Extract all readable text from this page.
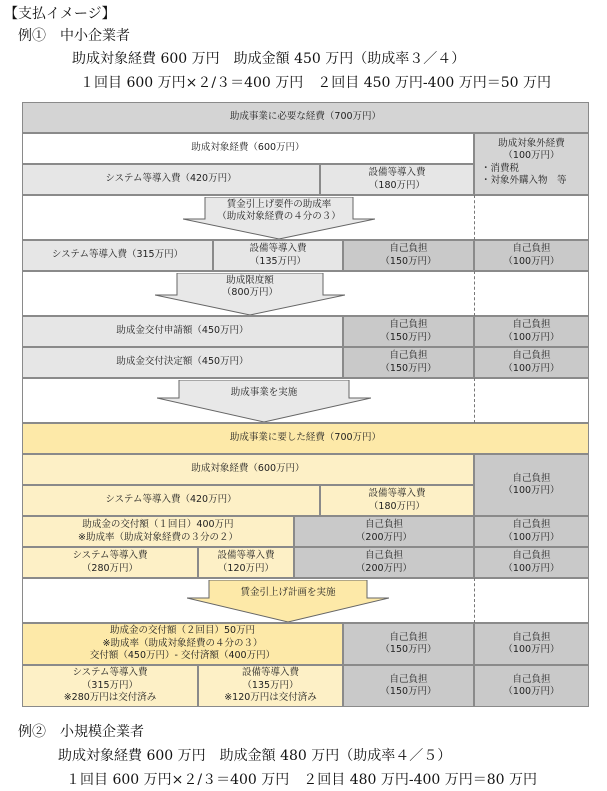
【支払イメージ】
例①　中小企業者
助成対象経費 600 万円　助成金額 450 万円（助成率３／４）
１回目 600 万円×２/３＝400 万円　２回目 450 万円-400 万円＝50 万円
助成事業に必要な経費（700万円）
助成対象経費（600万円）	助成対象外経費
（100万円）
・消費税
・対象外購入物　等
システム等導入費（420万円）
設備等導入費
（180万円）
賃金引上げ要件の助成率
（助成対象経費の４分の３）
システム等導入費（315万円）
設備等導入費
（135万円）
自己負担
（150万円）
自己負担
（100万円）
助成限度額
（800万円）
助成金交付申請額（450万円）
自己負担
（150万円）
自己負担
（100万円）
助成金交付決定額（450万円）
自己負担
（150万円）
自己負担
（100万円）
助成事業を実施
助成事業に要した経費（700万円）
助成対象経費（600万円）
自己負担
（100万円）
システム等導入費（420万円）
設備等導入費
（180万円）
助成金の交付額（１回目）400万円
※助成率（助成対象経費の３分の２）
自己負担
（200万円）
自己負担
（100万円）
システム等導入費
（280万円）
設備等導入費
（120万円）
自己負担
（200万円）
自己負担
（100万円）
賃金引上げ計画を実施
助成金の交付額（２回目）50万円
※助成率（助成対象経費の４分の３）
交付額（450万円）- 交付済額（400万円）
自己負担
（150万円）
自己負担
（100万円）
システム等導入費
（315万円）
※280万円は交付済み
設備等導入費
（135万円）
※120万円は交付済み
自己負担
（150万円）
自己負担
（100万円）
例②　小規模企業者
助成対象経費 600 万円　助成金額 480 万円（助成率４／５）
１回目 600 万円×２/３＝400 万円　２回目 480 万円-400 万円＝80 万円
